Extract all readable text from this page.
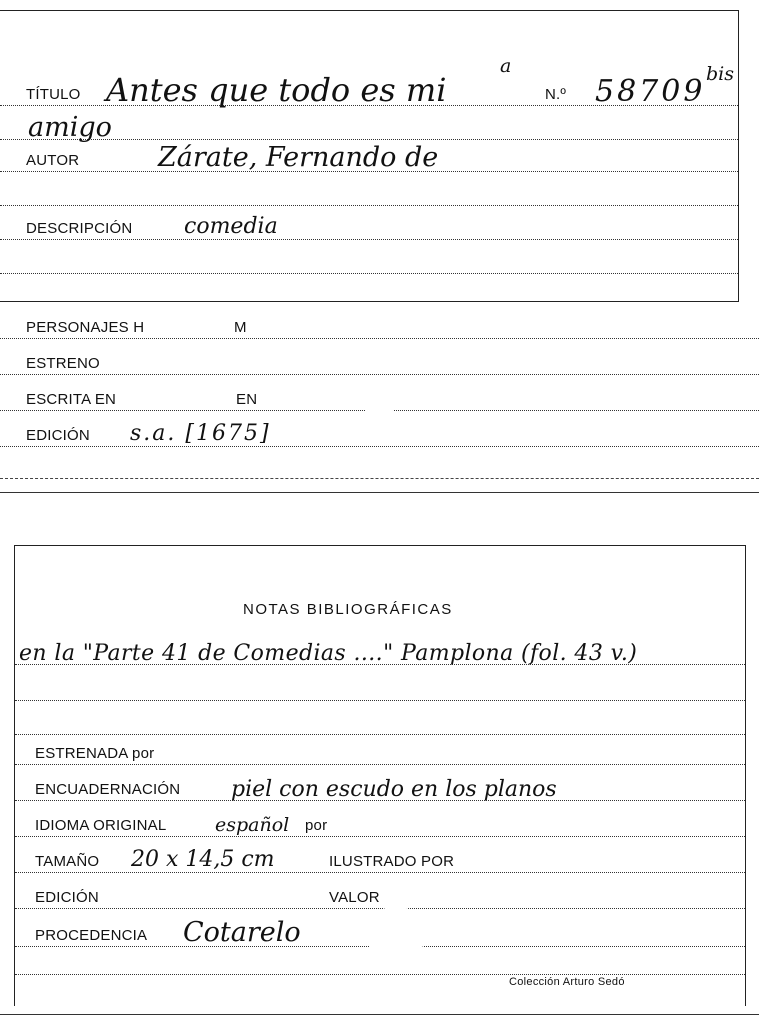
TÍTULO Antes que todo es mi
a
N.º 58709 bis
amigo
AUTOR	Zárate, Fernando de
DESCRIPCIÓN comedia
PERSONAJES H	M
ESTRENO
ESCRITA EN	EN
EDICIÓN s.a. [1675]
NOTAS BIBLIOGRÁFICAS
en la "Parte 41 de Comedias ...." Pamplona (fol. 43 v.)
ESTRENADA por
ENCUADERNACIÓN piel con escudo en los planos
IDIOMA ORIGINAL	español por
TAMAÑO 20 x 14,5 cm	ILUSTRADO POR
EDICIÓN	VALOR
PROCEDENCIA Cotarelo
Colección Arturo Sedó
